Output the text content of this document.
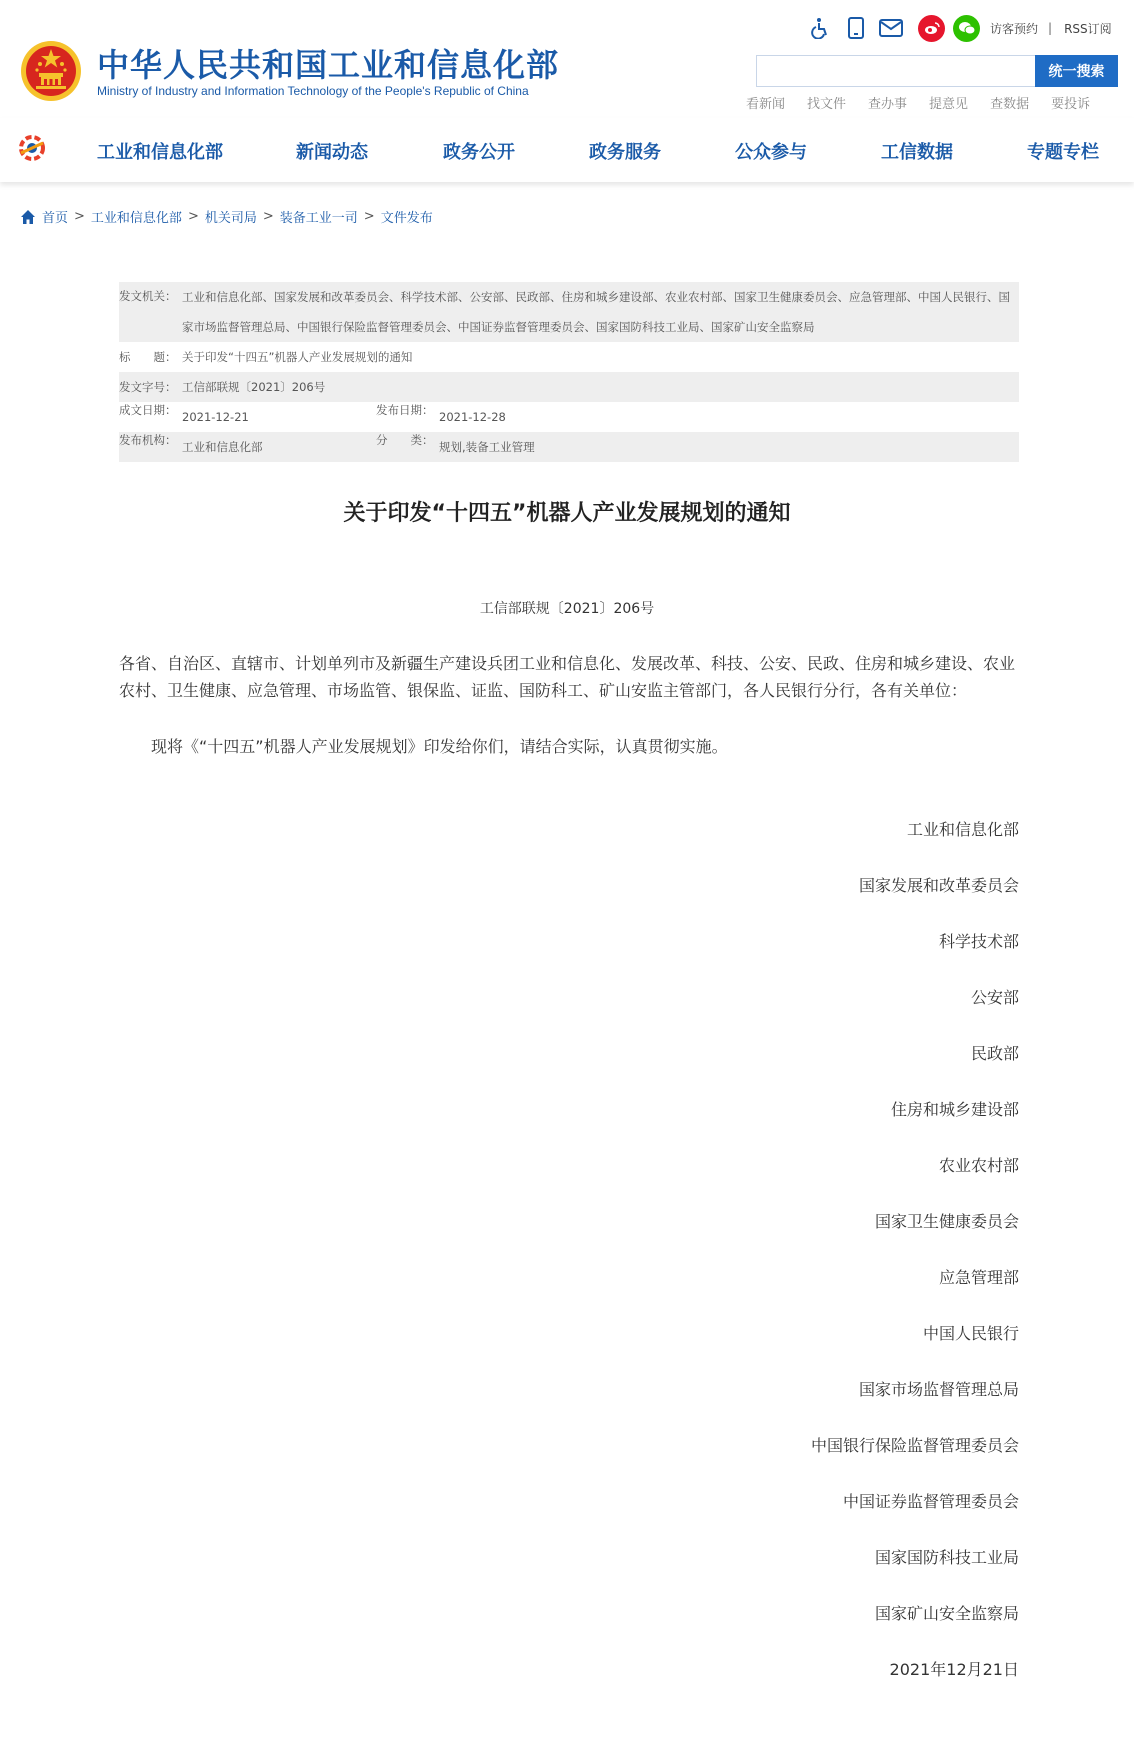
中华人民共和国工业和信息化部
Ministry of Industry and Information Technology of the People's Republic of China
访客预约 | RSS订阅
统一搜索
看新闻 找文件 查办事 提意见 查数据 要投诉
工业和信息化部	新闻动态	政务公开	政务服务	公众参与	工信数据	专题专栏
首页 > 工业和信息化部 > 机关司局 > 装备工业一司 > 文件发布
发文机关： 工业和信息化部、国家发展和改革委员会、科学技术部、公安部、民政部、住房和城乡建设部、农业农村部、国家卫生健康委员会、应急管理部、中国人民银行、国家市场监督管理总局、中国银行保险监督管理委员会、中国证券监督管理委员会、国家国防科技工业局、国家矿山安全监察局
标　　题： 关于印发“十四五”机器人产业发展规划的通知
发文字号： 工信部联规〔2021〕206号
成文日期： 2021-12-21	发布日期： 2021-12-28
发布机构： 工业和信息化部	分　　类： 规划,装备工业管理
关于印发“十四五”机器人产业发展规划的通知
工信部联规〔2021〕206号

各省、自治区、直辖市、计划单列市及新疆生产建设兵团工业和信息化、发展改革、科技、公安、民政、住房和城乡建设、农业农村、卫生健康、应急管理、市场监管、银保监、证监、国防科工、矿山安监主管部门，各人民银行分行，各有关单位：

现将《“十四五”机器人产业发展规划》印发给你们，请结合实际，认真贯彻实施。

工业和信息化部
国家发展和改革委员会
科学技术部
公安部
民政部
住房和城乡建设部
农业农村部
国家卫生健康委员会
应急管理部
中国人民银行
国家市场监督管理总局
中国银行保险监督管理委员会
中国证券监督管理委员会
国家国防科技工业局
国家矿山安全监察局
2021年12月21日
